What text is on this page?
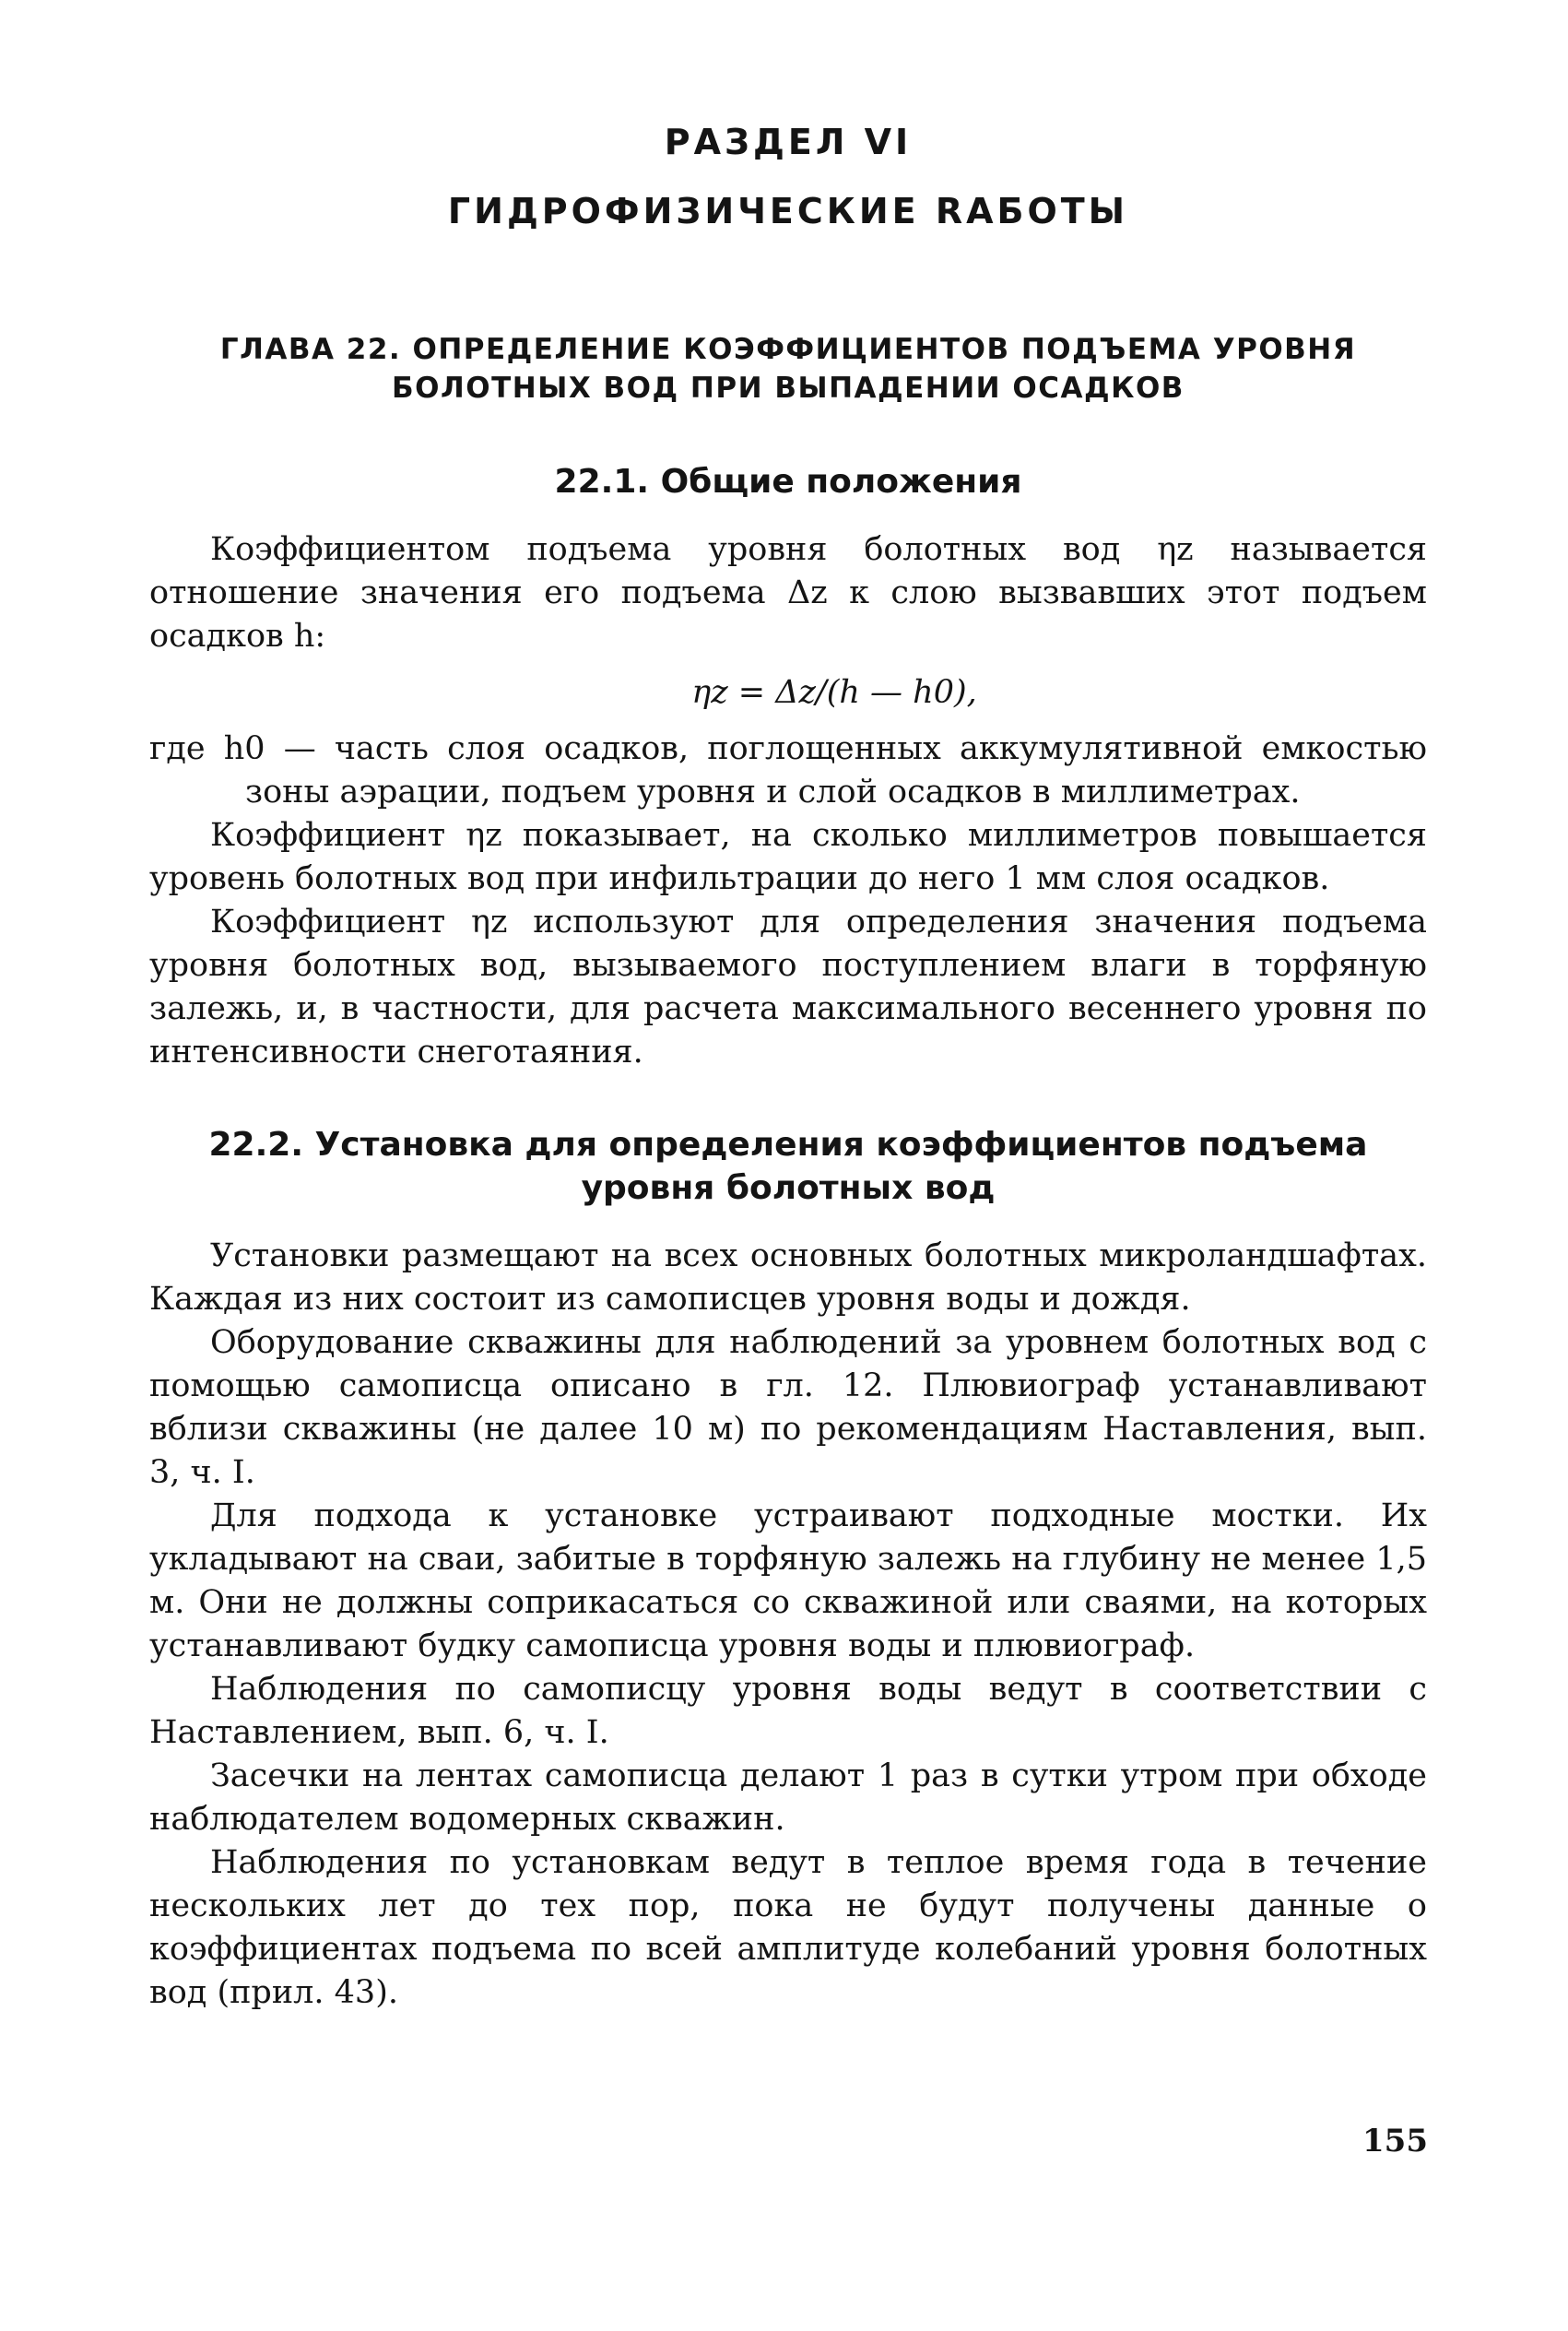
РАЗДЕЛ VI
ГИДРОФИЗИЧЕСКИЕ RАБОТЫ
ГЛАВА 22. ОПРЕДЕЛЕНИЕ КОЭФФИЦИЕНТОВ ПОДЪЕМА УРОВНЯ
БОЛОТНЫХ ВОД ПРИ ВЫПАДЕНИИ ОСАДКОВ
22.1. Общие положения

Коэффициентом подъема уровня болотных вод ηz называется отношение значения его подъема Δz к слою вызвавших этот подъем осадков h:

ηz = Δz/(h — h0),
где h0 — часть слоя осадков, поглощенных аккумулятивной емкостью зоны аэрации, подъем уровня и слой осадков в миллиметрах.

Коэффициент ηz показывает, на сколько миллиметров повышается уровень болотных вод при инфильтрации до него 1 мм слоя осадков.

Коэффициент ηz используют для определения значения подъема уровня болотных вод, вызываемого поступлением влаги в торфяную залежь, и, в частности, для расчета максимального весеннего уровня по интенсивности снеготаяния.

22.2. Установка для определения коэффициентов подъема
уровня болотных вод

Установки размещают на всех основных болотных микроландшафтах. Каждая из них состоит из самописцев уровня воды и дождя.

Оборудование скважины для наблюдений за уровнем болотных вод с помощью самописца описано в гл. 12. Плювиограф устанавливают вблизи скважины (не далее 10 м) по рекомендациям Наставления, вып. 3, ч. I.

Для подхода к установке устраивают подходные мостки. Их укладывают на сваи, забитые в торфяную залежь на глубину не менее 1,5 м. Они не должны соприкасаться со скважиной или сваями, на которых устанавливают будку самописца уровня воды и плювиограф.

Наблюдения по самописцу уровня воды ведут в соответствии с Наставлением, вып. 6, ч. I.

Засечки на лентах самописца делают 1 раз в сутки утром при обходе наблюдателем водомерных скважин.

Наблюдения по установкам ведут в теплое время года в течение нескольких лет до тех пор, пока не будут получены данные о коэффициентах подъема по всей амплитуде колебаний уровня болотных вод (прил. 43).

155
